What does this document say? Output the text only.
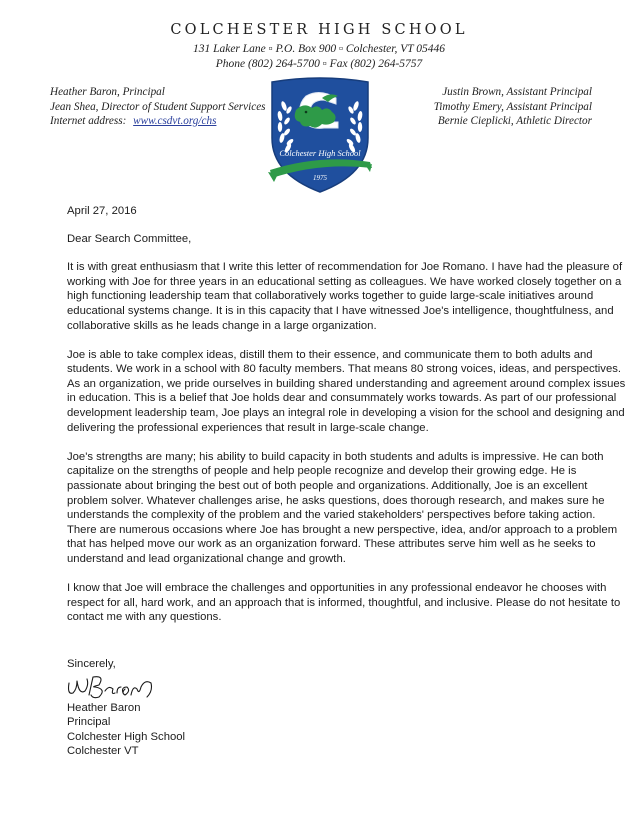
COLCHESTER HIGH SCHOOL
131 Laker Lane ▫ P.O. Box 900 ▫ Colchester, VT 05446
Phone (802) 264-5700 ▫ Fax (802) 264-5757
Heather Baron, Principal
Jean Shea, Director of Student Support Services
Internet address: www.csdvt.org/chs
Colchester High School
1975
Justin Brown, Assistant Principal
Timothy Emery, Assistant Principal
Bernie Cieplicki, Athletic Director

April 27, 2016

Dear Search Committee,

It is with great enthusiasm that I write this letter of recommendation for Joe Romano. I have had the pleasure of working with Joe for three years in an educational setting as colleagues. We have worked closely together on a high functioning leadership team that collaboratively works together to guide large-scale initiatives around educational systems change. It is in this capacity that I have witnessed Joe's intelligence, thoughtfulness, and collaborative skills as he leads change in a large organization.

Joe is able to take complex ideas, distill them to their essence, and communicate them to both adults and students. We work in a school with 80 faculty members. That means 80 strong voices, ideas, and perspectives. As an organization, we pride ourselves in building shared understanding and agreement around complex issues in education. This is a belief that Joe holds dear and consummately works towards. As part of our professional development leadership team, Joe plays an integral role in developing a vision for the school and designing and delivering the professional experiences that result in large-scale change.

Joe's strengths are many; his ability to build capacity in both students and adults is impressive. He can both capitalize on the strengths of people and help people recognize and develop their growing edge. He is passionate about bringing the best out of both people and organizations. Additionally, Joe is an excellent problem solver. Whatever challenges arise, he asks questions, does thorough research, and makes sure he understands the complexity of the problem and the varied stakeholders' perspectives before taking action. There are numerous occasions where Joe has brought a new perspective, idea, and/or approach to a problem that has helped move our work as an organization forward. These attributes serve him well as he seeks to understand and lead organizational change and growth.

I know that Joe will embrace the challenges and opportunities in any professional endeavor he chooses with respect for all, hard work, and an approach that is informed, thoughtful, and inclusive. Please do not hesitate to contact me with any questions.

Sincerely,
Heather Baron
Principal
Colchester High School
Colchester VT
